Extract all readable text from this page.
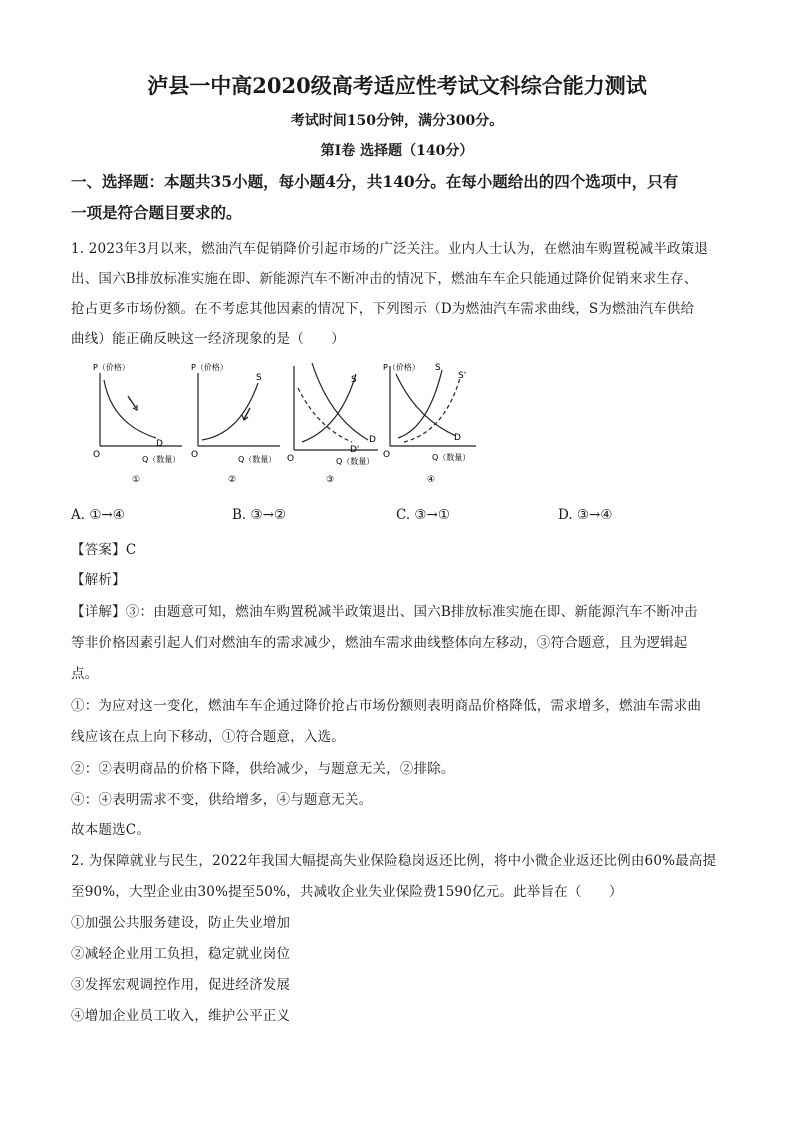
泸县一中高2020级高考适应性考试文科综合能力测试
考试时间150分钟，满分300分。
第Ⅰ卷 选择题（140分）
一、选择题：本题共35小题，每小题4分，共140分。在每小题给出的四个选项中，只有
一项是符合题目要求的。
1. 2023年3月以来，燃油汽车促销降价引起市场的广泛关注。业内人士认为，在燃油车购置税减半政策退
出、国六B排放标准实施在即、新能源汽车不断冲击的情况下，燃油车车企只能通过降价促销来求生存、
抢占更多市场份额。在不考虑其他因素的情况下，下列图示（D为燃油汽车需求曲线，S为燃油汽车供给
曲线）能正确反映这一经济现象的是（　　）
P（价格）
D
O	Q（数量）
①
P（价格）
S
O	Q（数量）
②
S
D
D'
O	Q（数量）
③
P（价格） S
S'
D
O	Q（数量）
④
A. ①→④	B. ③→②	C. ③→①	D. ③→④
【答案】C
【解析】
【详解】③：由题意可知，燃油车购置税减半政策退出、国六B排放标准实施在即、新能源汽车不断冲击
等非价格因素引起人们对燃油车的需求减少，燃油车需求曲线整体向左移动，③符合题意，且为逻辑起
点。
①：为应对这一变化，燃油车车企通过降价抢占市场份额则表明商品价格降低，需求增多，燃油车需求曲
线应该在点上向下移动，①符合题意，入选。
②：②表明商品的价格下降，供给减少，与题意无关，②排除。
④：④表明需求不变，供给增多，④与题意无关。
故本题选C。
2. 为保障就业与民生，2022年我国大幅提高失业保险稳岗返还比例，将中小微企业返还比例由60%最高提
至90%，大型企业由30%提至50%，共减收企业失业保险费1590亿元。此举旨在（　　）
①加强公共服务建设，防止失业增加
②减轻企业用工负担，稳定就业岗位
③发挥宏观调控作用，促进经济发展
④增加企业员工收入，维护公平正义
